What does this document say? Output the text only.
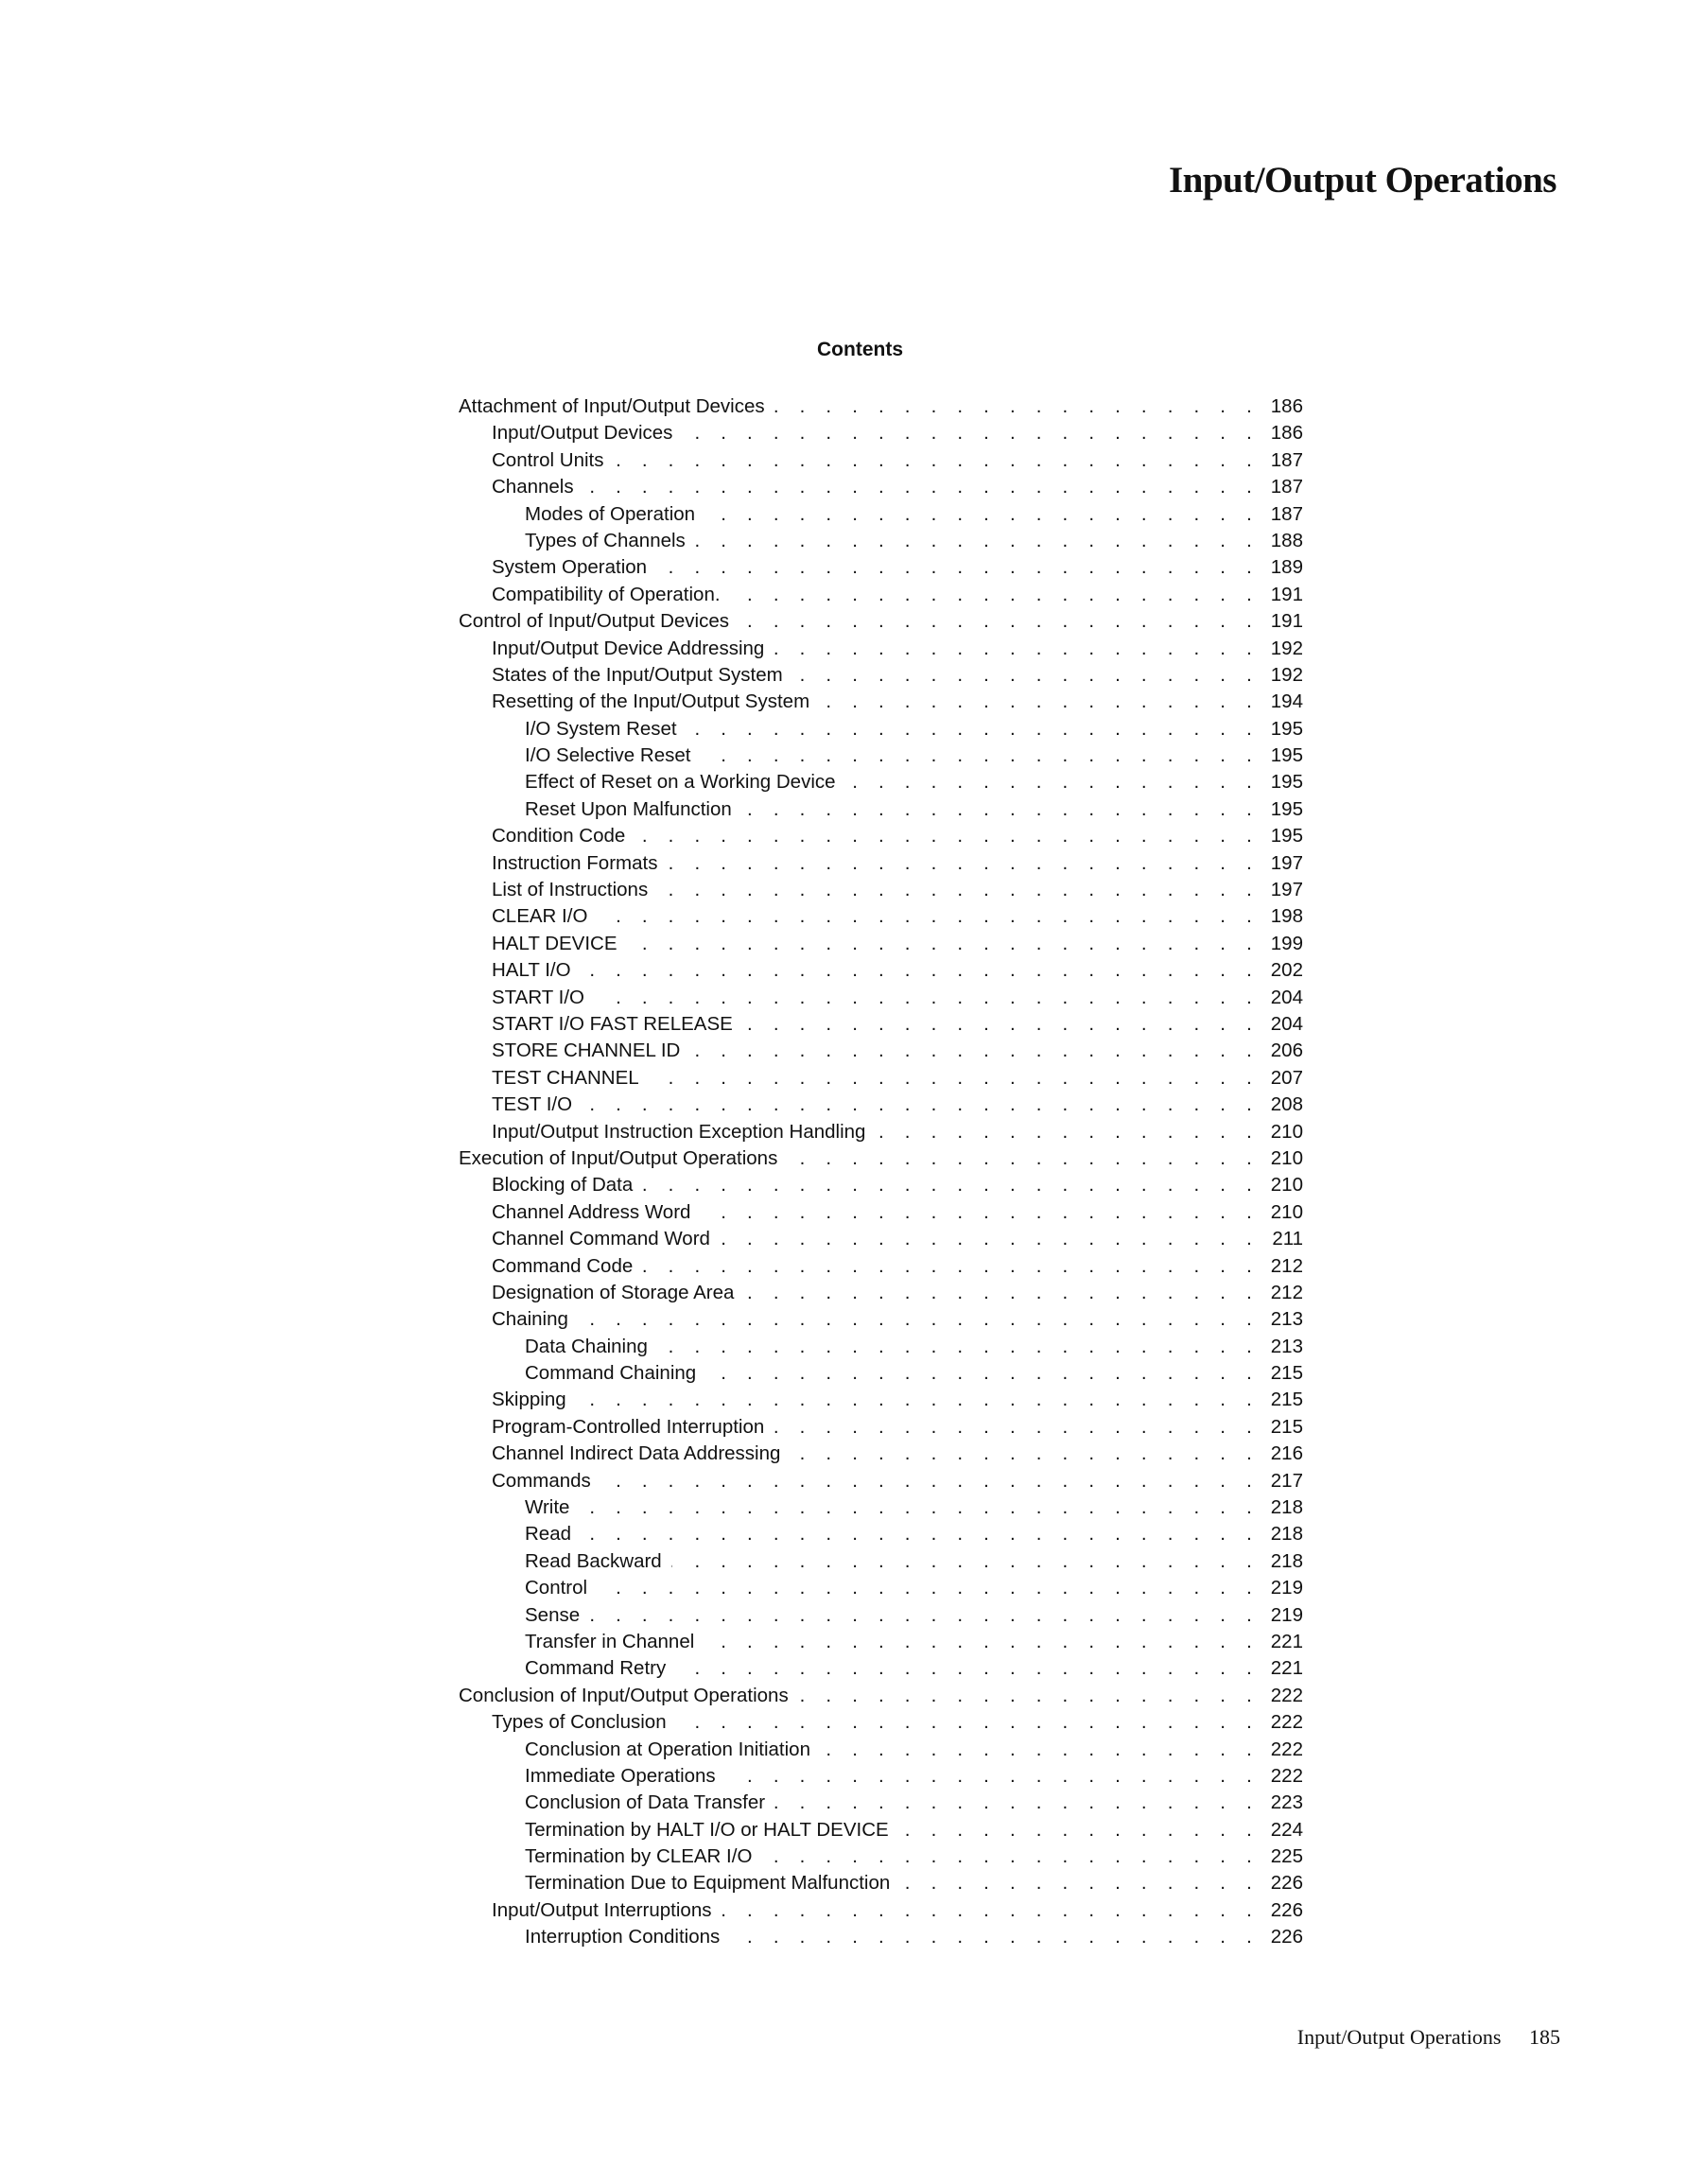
Input/Output Operations
Contents
Attachment of Input/Output Devices . . .	186
Input/Output Devices . . .	186
Control Units . . .	187
Channels . . .	187
Modes of Operation . . .	187
Types of Channels . . .	188
System Operation . . .	189
Compatibility of Operation. . . .	191
Control of Input/Output Devices . . .	191
Input/Output Device Addressing . . .	192
States of the Input/Output System . . .	192
Resetting of the Input/Output System . . .	194
I/O System Reset . . .	195
I/O Selective Reset . . .	195
Effect of Reset on a Working Device . . .	195
Reset Upon Malfunction . . .	195
Condition Code . . .	195
Instruction Formats . . .	197
List of Instructions . . .	197
CLEAR I/O . . .	198
HALT DEVICE . . .	199
HALT I/O . . .	202
START I/O . . .	204
START I/O FAST RELEASE . . .	204
STORE CHANNEL ID . . .	206
TEST CHANNEL . . .	207
TEST I/O . . .	208
Input/Output Instruction Exception Handling . . .	210
Execution of Input/Output Operations . . .	210
Blocking of Data . . .	210
Channel Address Word . . .	210
Channel Command Word . . .	211
Command Code . . .	212
Designation of Storage Area . . .	212
Chaining . . .	213
Data Chaining . . .	213
Command Chaining . . .	215
Skipping . . .	215
Program-Controlled Interruption . . .	215
Channel Indirect Data Addressing . . .	216
Commands . . .	217
Write . . .	218
Read . . .	218
Read Backward . . .	218
Control . . .	219
Sense . . .	219
Transfer in Channel . . .	221
Command Retry . . .	221
Conclusion of Input/Output Operations . . .	222
Types of Conclusion . . .	222
Conclusion at Operation Initiation . . .	222
Immediate Operations . . .	222
Conclusion of Data Transfer . . .	223
Termination by HALT I/O or HALT DEVICE . . .	224
Termination by CLEAR I/O . . .	225
Termination Due to Equipment Malfunction . . .	226
Input/Output Interruptions . . .	226
Interruption Conditions . . .	226
Input/Output Operations 185
